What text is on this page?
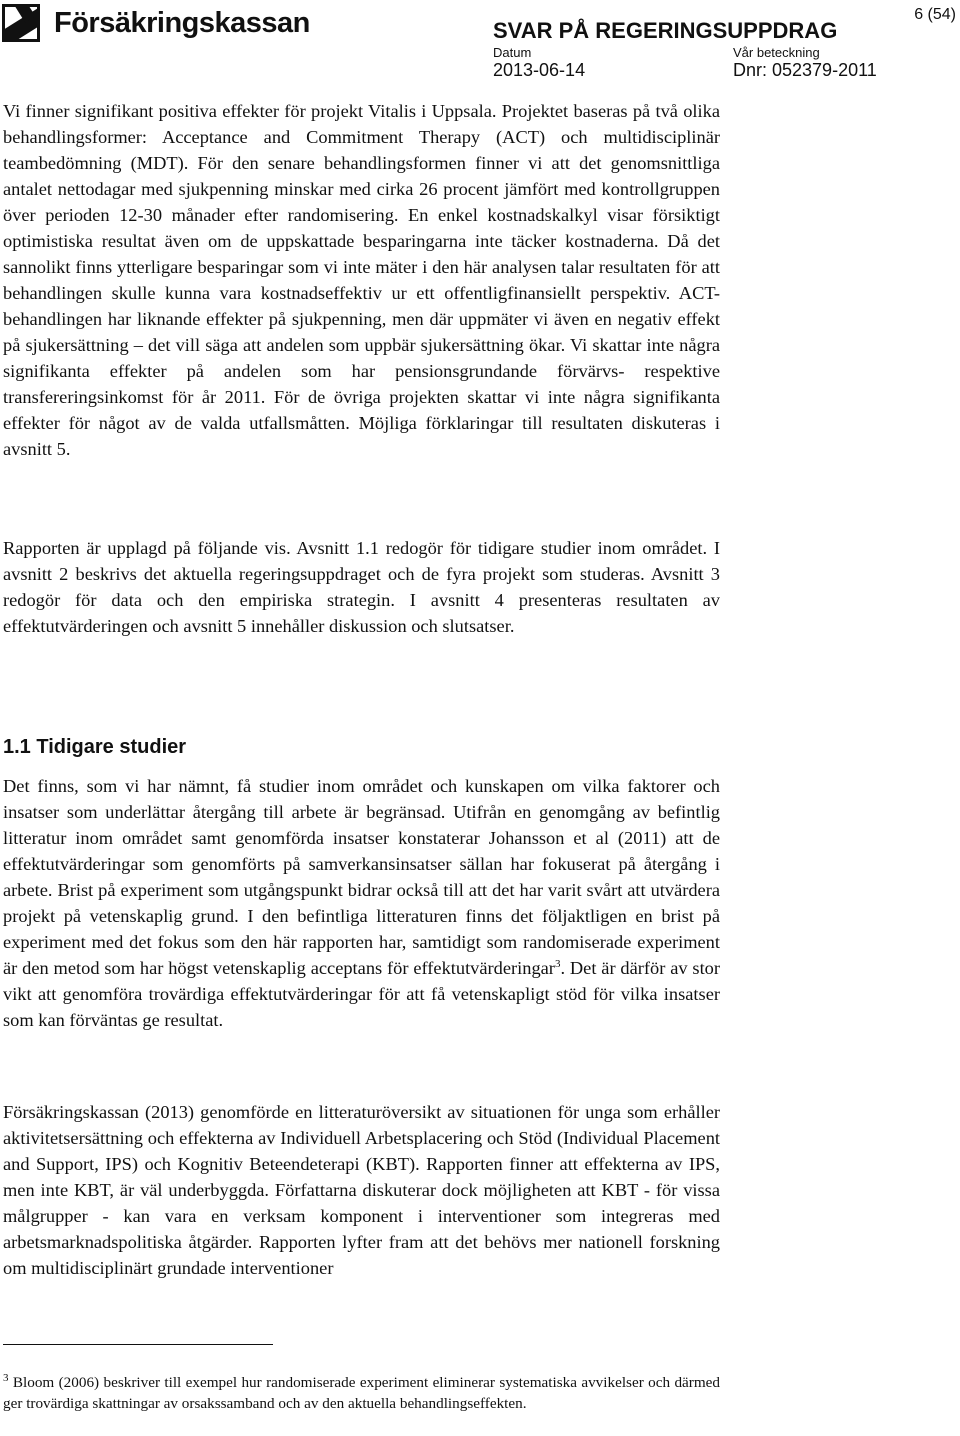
Försäkringskassan	SVAR PÅ REGERINGSUPPDRAG
Datum
2013-06-14
Vår beteckning
Dnr: 052379-2011
6 (54)

Vi finner signifikant positiva effekter för projekt Vitalis i Uppsala. Projektet baseras på två olika behandlingsformer: Acceptance and Commitment Therapy (ACT) och multidisciplinär teambedömning (MDT). För den senare behandlingsformen finner vi att det genomsnittliga antalet nettodagar med sjukpenning minskar med cirka 26 procent jämfört med kontrollgruppen över perioden 12-30 månader efter randomisering. En enkel kostnadskalkyl visar försiktigt optimistiska resultat även om de uppskattade besparingarna inte täcker kostnaderna. Då det sannolikt finns ytterligare besparingar som vi inte mäter i den här analysen talar resultaten för att behandlingen skulle kunna vara kostnadseffektiv ur ett offentligfinansiellt perspektiv. ACT-behandlingen har liknande effekter på sjukpenning, men där uppmäter vi även en negativ effekt på sjukersättning – det vill säga att andelen som uppbär sjukersättning ökar. Vi skattar inte några signifikanta effekter på andelen som har pensionsgrundande förvärvs- respektive transfereringsinkomst för år 2011. För de övriga projekten skattar vi inte några signifikanta effekter för något av de valda utfallsmåtten. Möjliga förklaringar till resultaten diskuteras i avsnitt 5.

Rapporten är upplagd på följande vis. Avsnitt 1.1 redogör för tidigare studier inom området. I avsnitt 2 beskrivs det aktuella regeringsuppdraget och de fyra projekt som studeras. Avsnitt 3 redogör för data och den empiriska strategin. I avsnitt 4 presenteras resultaten av effektutvärderingen och avsnitt 5 innehåller diskussion och slutsatser.

1.1 Tidigare studier

Det finns, som vi har nämnt, få studier inom området och kunskapen om vilka faktorer och insatser som underlättar återgång till arbete är begränsad. Utifrån en genomgång av befintlig litteratur inom området samt genomförda insatser konstaterar Johansson et al (2011) att de effektutvärderingar som genomförts på samverkansinsatser sällan har fokuserat på återgång i arbete. Brist på experiment som utgångspunkt bidrar också till att det har varit svårt att utvärdera projekt på vetenskaplig grund. I den befintliga litteraturen finns det följaktligen en brist på experiment med det fokus som den här rapporten har, samtidigt som randomiserade experiment är den metod som har högst vetenskaplig acceptans för effektutvärderingar$^3$. Det är därför av stor vikt att genomföra trovärdiga effektutvärderingar för att få vetenskapligt stöd för vilka insatser som kan förväntas ge resultat.

Försäkringskassan (2013) genomförde en litteraturöversikt av situationen för unga som erhåller aktivitetsersättning och effekterna av Individuell Arbetsplacering och Stöd (Individual Placement and Support, IPS) och Kognitiv Beteendeterapi (KBT). Rapporten finner att effekterna av IPS, men inte KBT, är väl underbyggda. Författarna diskuterar dock möjligheten att KBT - för vissa målgrupper - kan vara en verksam komponent i interventioner som integreras med arbetsmarknadspolitiska åtgärder. Rapporten lyfter fram att det behövs mer nationell forskning om multidisciplinärt grundade interventioner

$^3$ Bloom (2006) beskriver till exempel hur randomiserade experiment eliminerar systematiska avvikelser och därmed ger trovärdiga skattningar av orsakssamband och av den aktuella behandlingseffekten.
